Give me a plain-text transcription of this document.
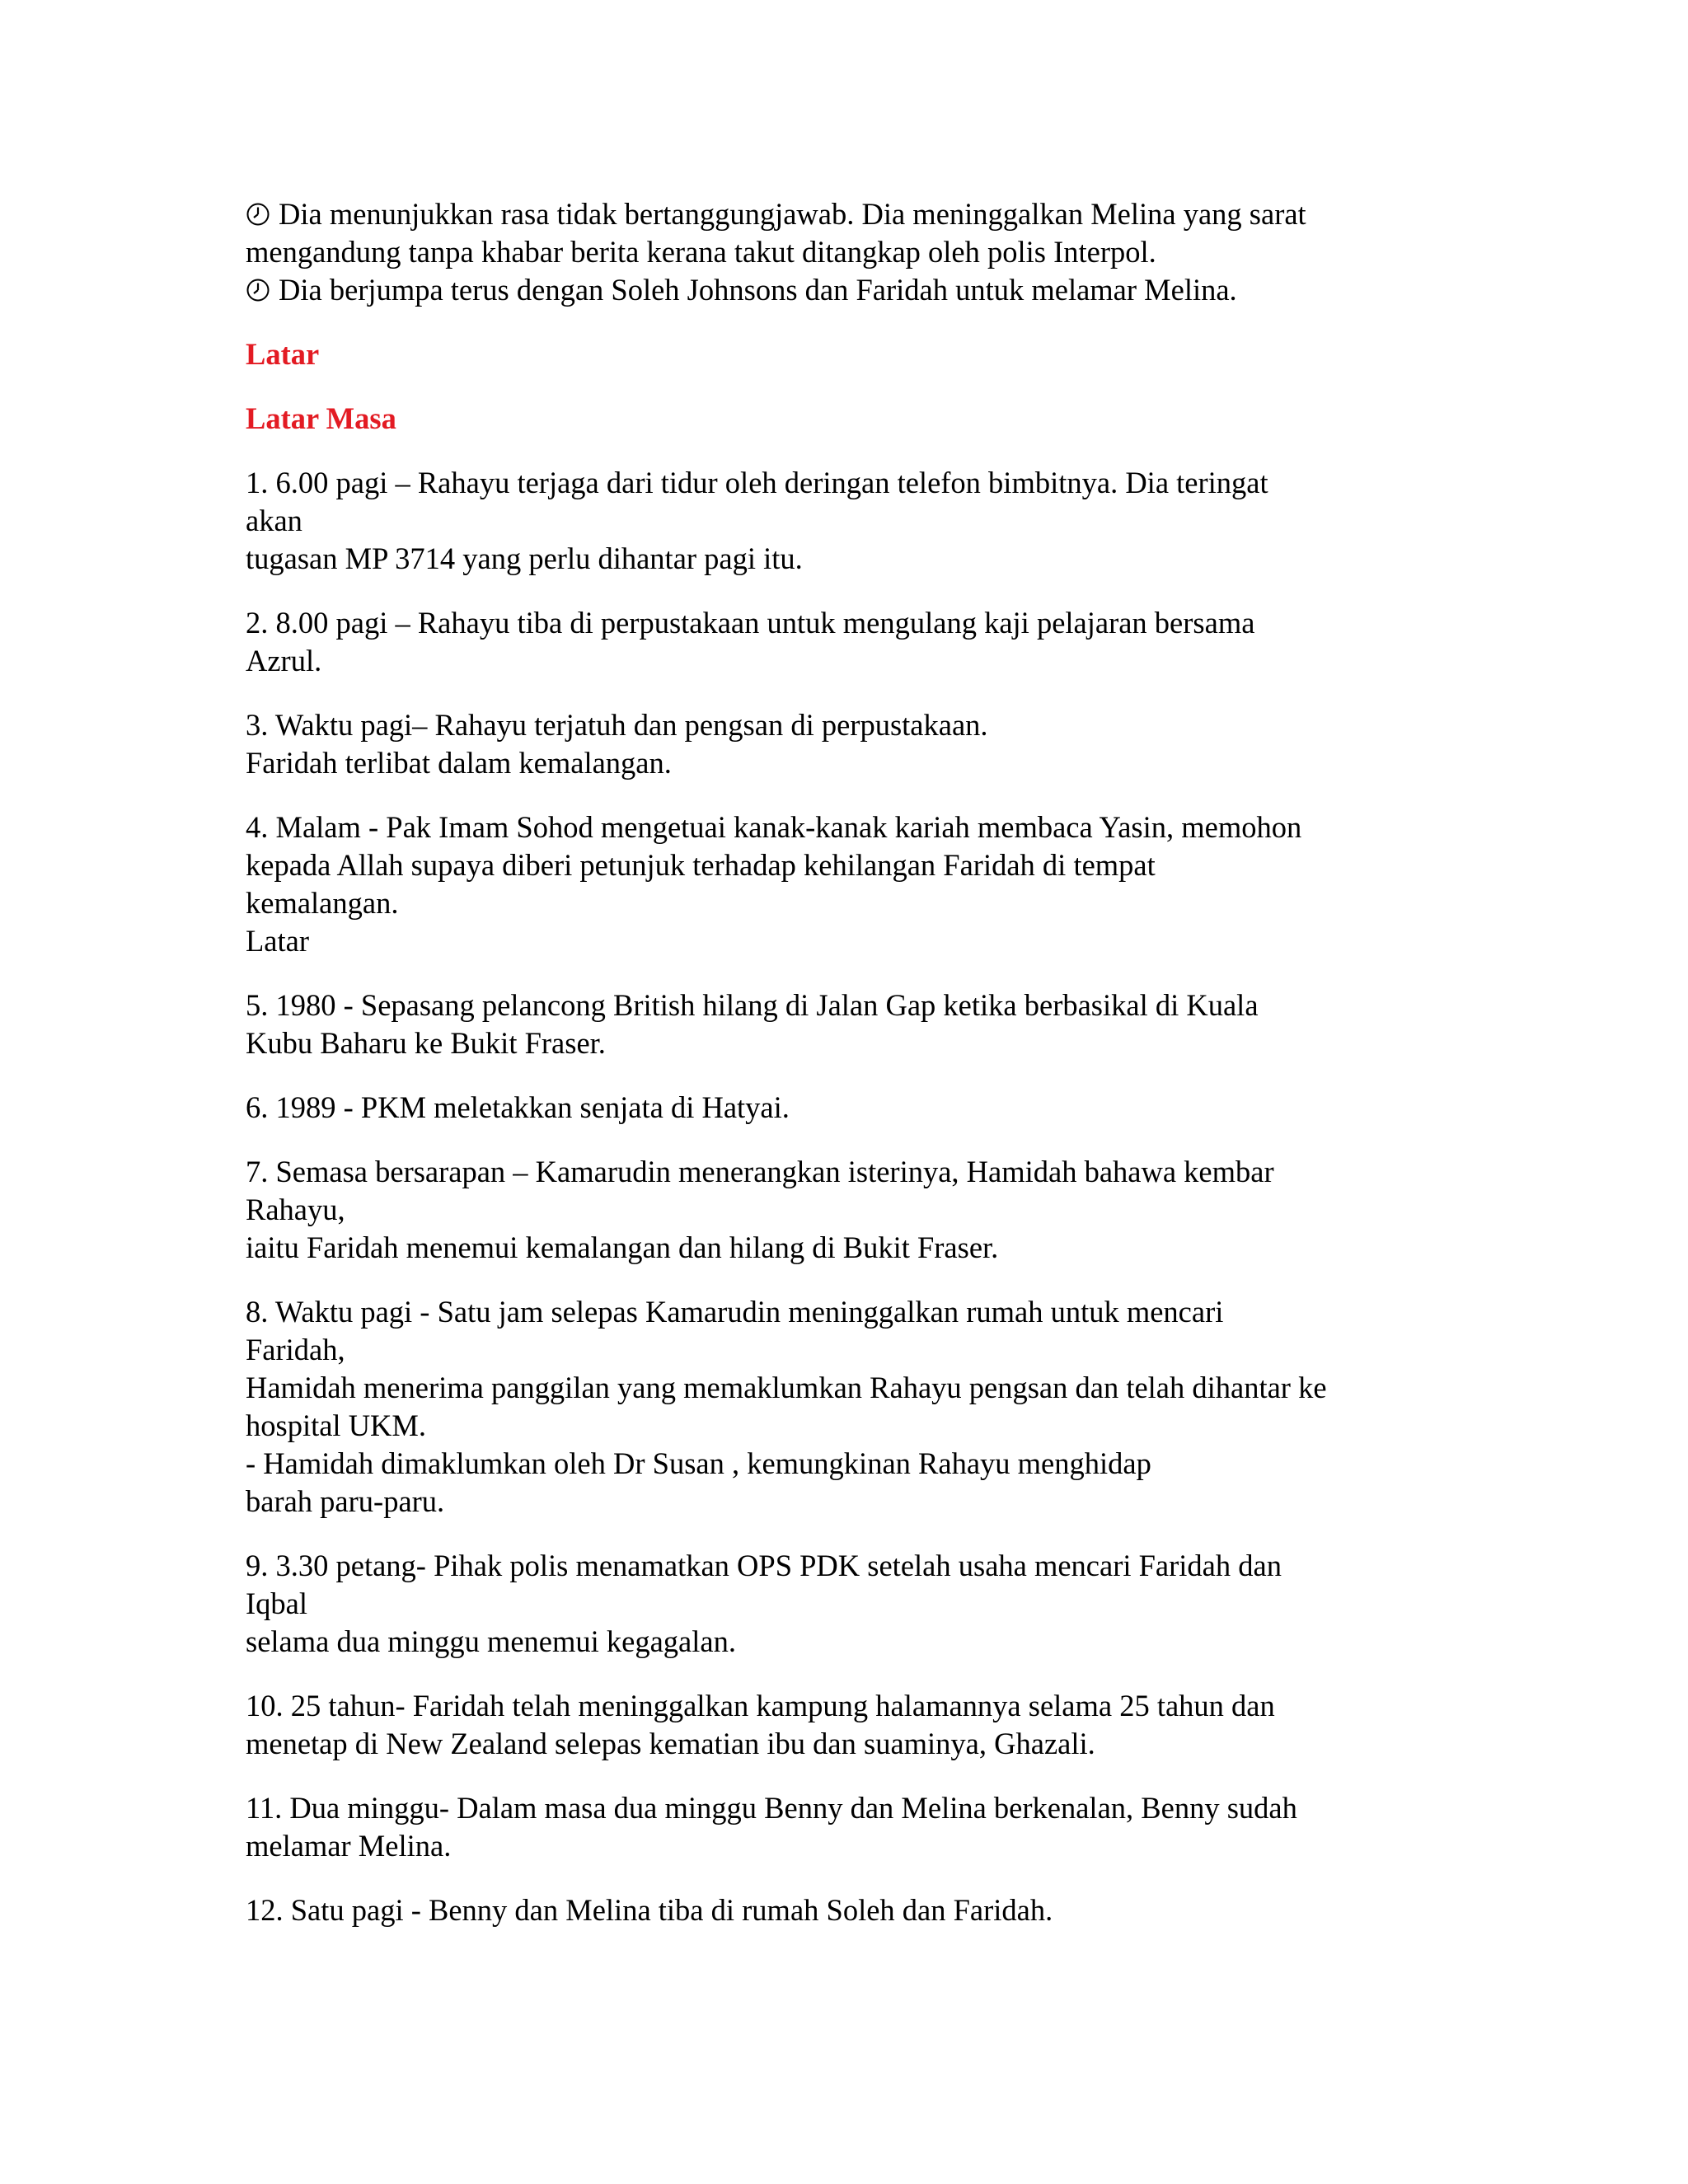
Dia menunjukkan rasa tidak bertanggungjawab. Dia meninggalkan Melina yang sarat
mengandung tanpa khabar berita kerana takut ditangkap oleh polis Interpol.
Dia berjumpa terus dengan Soleh Johnsons dan Faridah untuk melamar Melina.
Latar
Latar Masa
1. 6.00 pagi – Rahayu terjaga dari tidur oleh deringan telefon bimbitnya. Dia teringat
akan
tugasan MP 3714 yang perlu dihantar pagi itu.
2. 8.00 pagi – Rahayu tiba di perpustakaan untuk mengulang kaji pelajaran bersama
Azrul.
3. Waktu pagi– Rahayu terjatuh dan pengsan di perpustakaan.
Faridah terlibat dalam kemalangan.
4. Malam - Pak Imam Sohod mengetuai kanak-kanak kariah membaca Yasin, memohon
kepada Allah supaya diberi petunjuk terhadap kehilangan Faridah di tempat
kemalangan.
Latar
5. 1980 - Sepasang pelancong British hilang di Jalan Gap ketika berbasikal di Kuala
Kubu Baharu ke Bukit Fraser.
6. 1989 - PKM meletakkan senjata di Hatyai.
7. Semasa bersarapan – Kamarudin menerangkan isterinya, Hamidah bahawa kembar
Rahayu,
iaitu Faridah menemui kemalangan dan hilang di Bukit Fraser.
8. Waktu pagi - Satu jam selepas Kamarudin meninggalkan rumah untuk mencari
Faridah,
Hamidah menerima panggilan yang memaklumkan Rahayu pengsan dan telah dihantar ke
hospital UKM.
- Hamidah dimaklumkan oleh Dr Susan , kemungkinan Rahayu menghidap
barah paru-paru.
9. 3.30 petang- Pihak polis menamatkan OPS PDK setelah usaha mencari Faridah dan
Iqbal
selama dua minggu menemui kegagalan.
10. 25 tahun- Faridah telah meninggalkan kampung halamannya selama 25 tahun dan
menetap di New Zealand selepas kematian ibu dan suaminya, Ghazali.
11. Dua minggu- Dalam masa dua minggu Benny dan Melina berkenalan, Benny sudah
melamar Melina.
12. Satu pagi - Benny dan Melina tiba di rumah Soleh dan Faridah.
